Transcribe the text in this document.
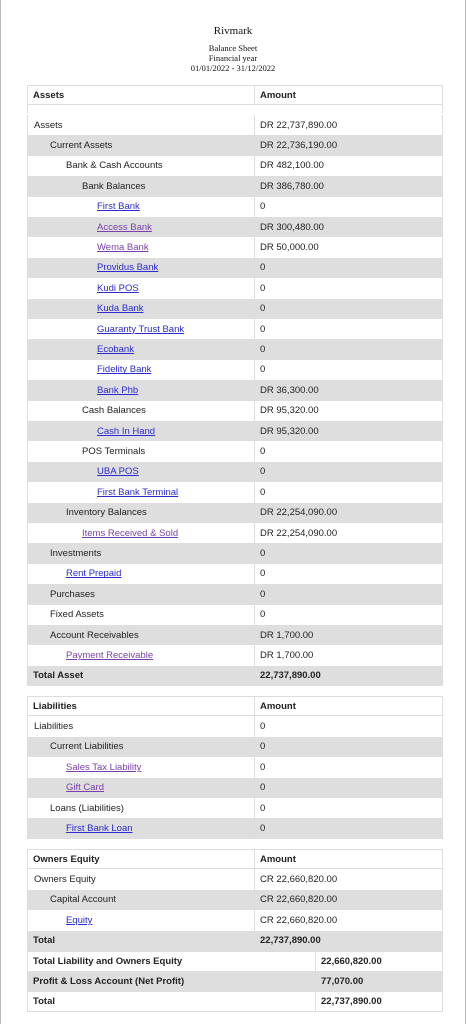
Rivmark
Balance Sheet
Financial year
01/01/2022 - 31/12/2022
Assets	Amount
Assets	DR 22,737,890.00
Current Assets	DR 22,736,190.00
Bank & Cash Accounts	DR 482,100.00
Bank Balances	DR 386,780.00
First Bank	0
Access Bank	DR 300,480.00
Wema Bank	DR 50,000.00
Providus Bank	0
Kudi POS	0
Kuda Bank	0
Guaranty Trust Bank	0
Ecobank	0
Fidelity Bank	0
Bank Phb	DR 36,300.00
Cash Balances	DR 95,320.00
Cash In Hand	DR 95,320.00
POS Terminals	0
UBA POS	0
First Bank Terminal	0
Inventory Balances	DR 22,254,090.00
Items Received & Sold	DR 22,254,090.00
Investments	0
Rent Prepaid	0
Purchases	0
Fixed Assets	0
Account Receivables	DR 1,700.00
Payment Receivable	DR 1,700.00
Total Asset	22,737,890.00
Liabilities	Amount
Liabilities	0
Current Liabilities	0
Sales Tax Liability	0
Gift Card	0
Loans (Liabilities)	0
First Bank Loan	0
Owners Equity	Amount
Owners Equity	CR 22,660,820.00
Capital Account	CR 22,660,820.00
Equity	CR 22,660,820.00
Total	22,737,890.00
Total Liability and Owners Equity	22,660,820.00
Profit & Loss Account (Net Profit)	77,070.00
Total	22,737,890.00
